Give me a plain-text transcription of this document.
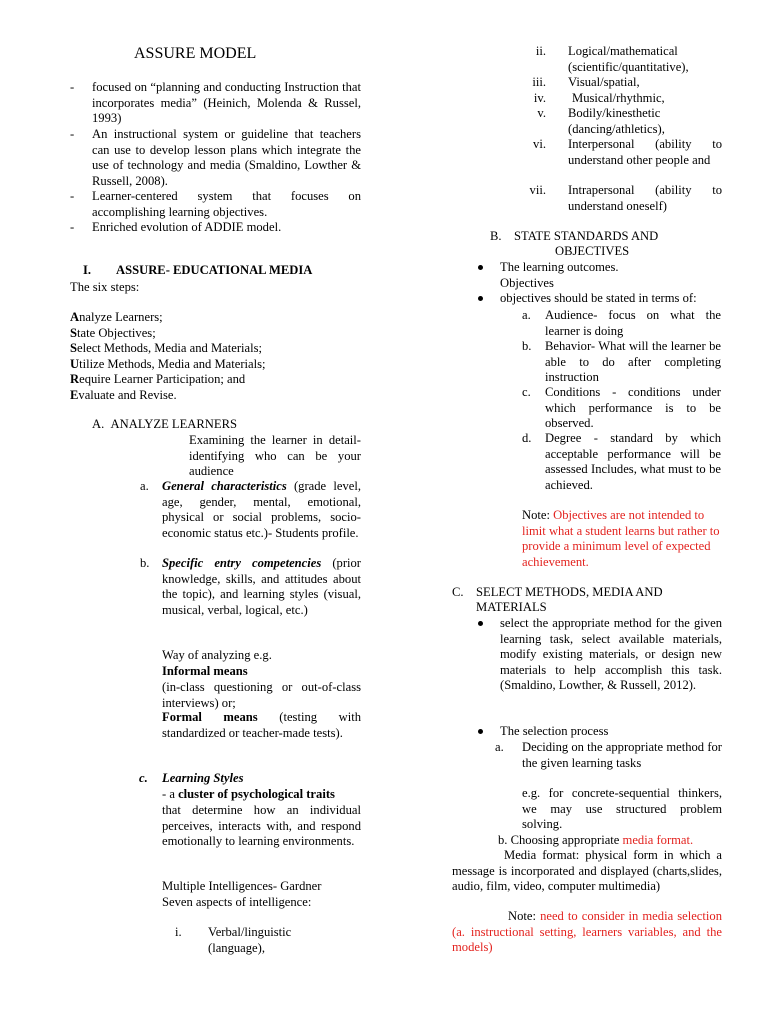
ASSURE MODEL
- focused on “planning and conducting Instruction that incorporates media” (Heinich, Molenda & Russel, 1993)
- An instructional system or guideline that teachers can use to develop lesson plans which integrate the use of technology and media (Smaldino, Lowther & Russell, 2008).
- Learner-centered system that focuses on accomplishing learning objectives.
- Enriched evolution of ADDIE model.
I. ASSURE- EDUCATIONAL MEDIA
The six steps:
Analyze Learners;
State Objectives;
Select Methods, Media and Materials;
Utilize Methods, Media and Materials;
Require Learner Participation; and
Evaluate and Revise.
A. ANALYZE LEARNERS
Examining the learner in detail- identifying who can be your audience
a. General characteristics (grade level, age, gender, mental, emotional, physical or social problems, socio-economic status etc.)- Students profile.
b. Specific entry competencies (prior knowledge, skills, and attitudes about the topic), and learning styles (visual, musical, verbal, logical, etc.)
Way of analyzing e.g.
Informal means
(in-class questioning or out-of-class interviews) or;
Formal means (testing with standardized or teacher-made tests).
c. Learning Styles
- a cluster of psychological traits
that determine how an individual perceives, interacts with, and respond emotionally to learning environments.
Multiple Intelligences- Gardner
Seven aspects of intelligence:
i. Verbal/linguistic (language),
ii. Logical/mathematical (scientific/quantitative),
iii. Visual/spatial,
iv. Musical/rhythmic,
v. Bodily/kinesthetic (dancing/athletics),
vi. Interpersonal (ability to understand other people and
vii. Intrapersonal (ability to understand oneself)
B. STATE STANDARDS AND
OBJECTIVES
The learning outcomes.
Objectives
objectives should be stated in terms of:
a. Audience- focus on what the learner is doing
b. Behavior- What will the learner be able to do after completing instruction
c. Conditions - conditions under which performance is to be observed.
d. Degree - standard by which acceptable performance will be assessed Includes, what must to be achieved.
Note: Objectives are not intended to limit what a student learns but rather to provide a minimum level of expected achievement.
C. SELECT METHODS, MEDIA AND
MATERIALS
select the appropriate method for the given learning task, select available materials, modify existing materials, or design new materials to help accomplish this task. (Smaldino, Lowther, & Russell, 2012).
The selection process
a. Deciding on the appropriate method for the given learning tasks
e.g. for concrete-sequential thinkers, we may use structured problem solving.
b. Choosing appropriate media format.
Media format: physical form in which a message is incorporated and displayed (charts,slides, audio, film, video, computer multimedia)
Note: need to consider in media selection (a. instructional setting, learners variables, and the models)
